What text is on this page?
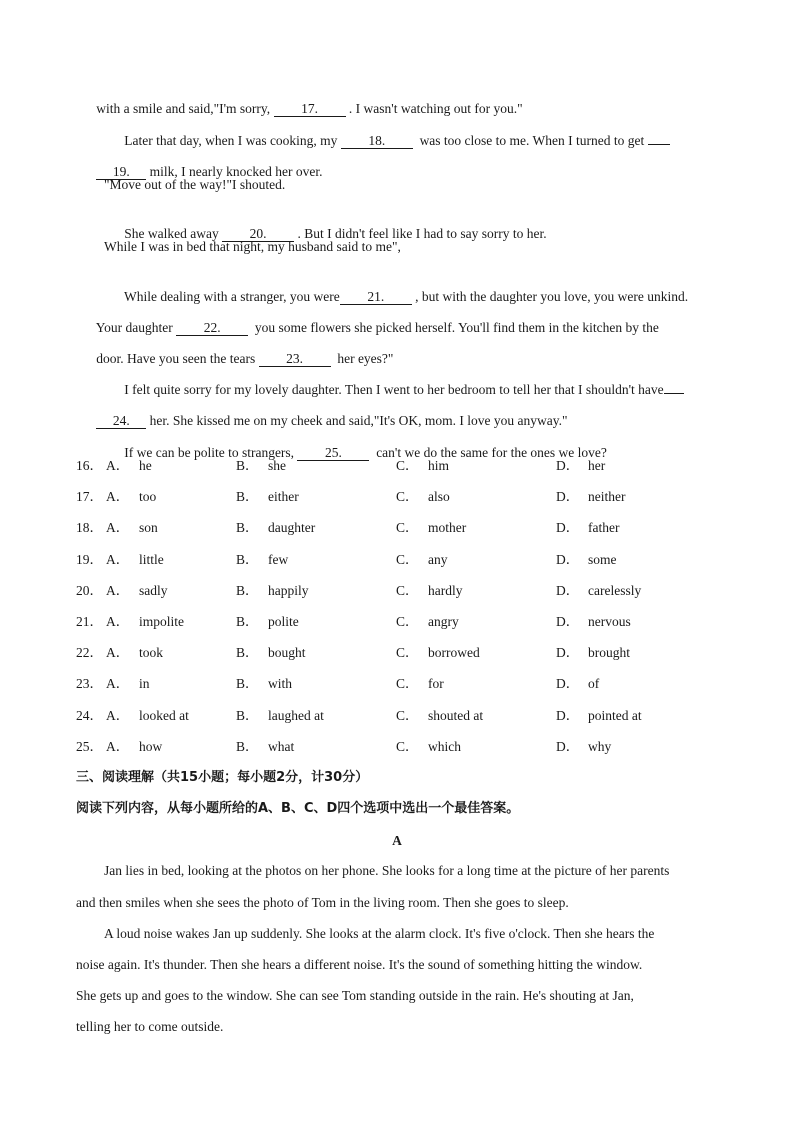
with a smile and said,"I'm sorry, 17. . I wasn't watching out for you."

Later that day, when I was cooking, my 18.  was too close to me. When I turned to get

19. milk, I nearly knocked her over.

"Move out of the way!"I shouted.

She walked away 20. . But I didn't feel like I had to say sorry to her.

While I was in bed that night, my husband said to me",

While dealing with a stranger, you were 21. , but with the daughter you love, you were unkind.

Your daughter 22.  you some flowers she picked herself. You'll find them in the kitchen by the

door. Have you seen the tears 23.  her eyes?"

I felt quite sorry for my lovely daughter. Then I went to her bedroom to tell her that I shouldn't have

24. her. She kissed me on my cheek and said,"It's OK, mom. I love you anyway."

If we can be polite to strangers, 25.  can't we do the same for the ones we love?

16． A． he	B． she	C． him	D． her
17． A． too	B． either	C． also	D． neither
18． A． son	B． daughter	C． mother	D． father
19． A． little	B． few	C． any	D． some
20． A． sadly	B． happily	C． hardly	D． carelessly
21． A． impolite	B． polite	C． angry	D． nervous
22． A． took	B． bought	C． borrowed	D． brought
23． A． in	B． with	C． for	D． of
24． A． looked at	B． laughed at	C． shouted at	D． pointed at
25． A． how	B． what	C． which	D． why
三、阅读理解（共15小题；每小题2分，计30分）
阅读下列内容，从每小题所给的A、B、C、D四个选项中选出一个最佳答案。
A
Jan lies in bed, looking at the photos on her phone. She looks for a long time at the picture of her parents
and then smiles when she sees the photo of Tom in the living room. Then she goes to sleep.
A loud noise wakes Jan up suddenly. She looks at the alarm clock. It's five o'clock. Then she hears the
noise again. It's thunder. Then she hears a different noise. It's the sound of something hitting the window.
She gets up and goes to the window. She can see Tom standing outside in the rain. He's shouting at Jan,
telling her to come outside.
